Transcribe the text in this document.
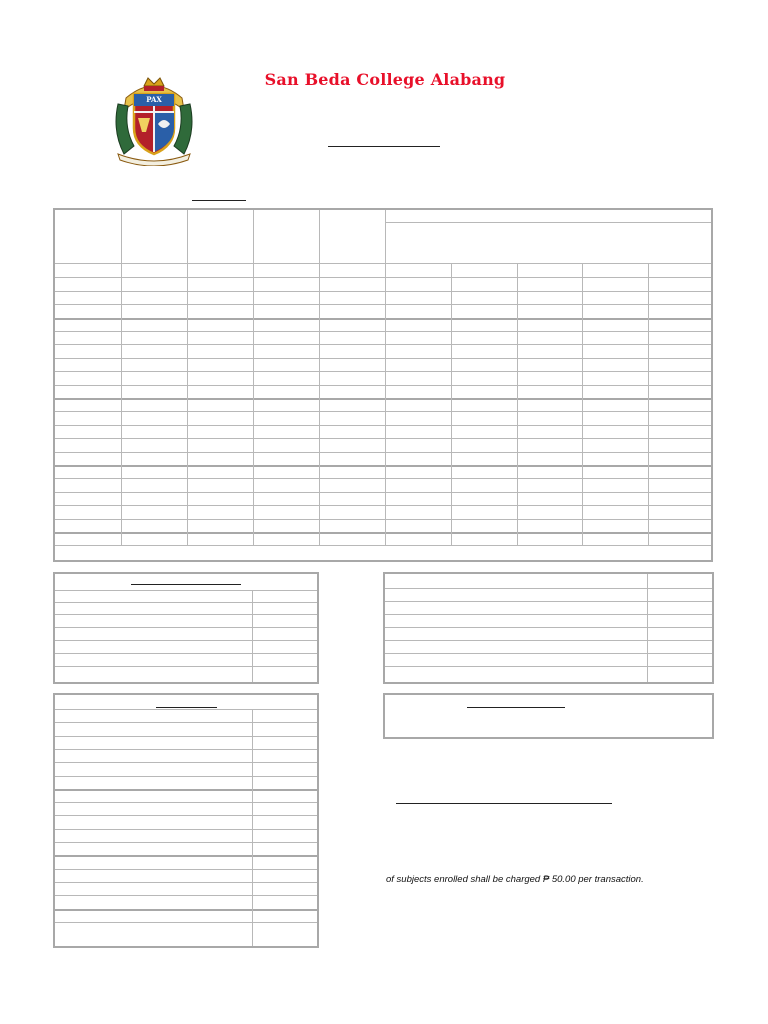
PAX
San Beda College Alabang
of subjects enrolled shall be charged ₱ 50.00 per transaction.
